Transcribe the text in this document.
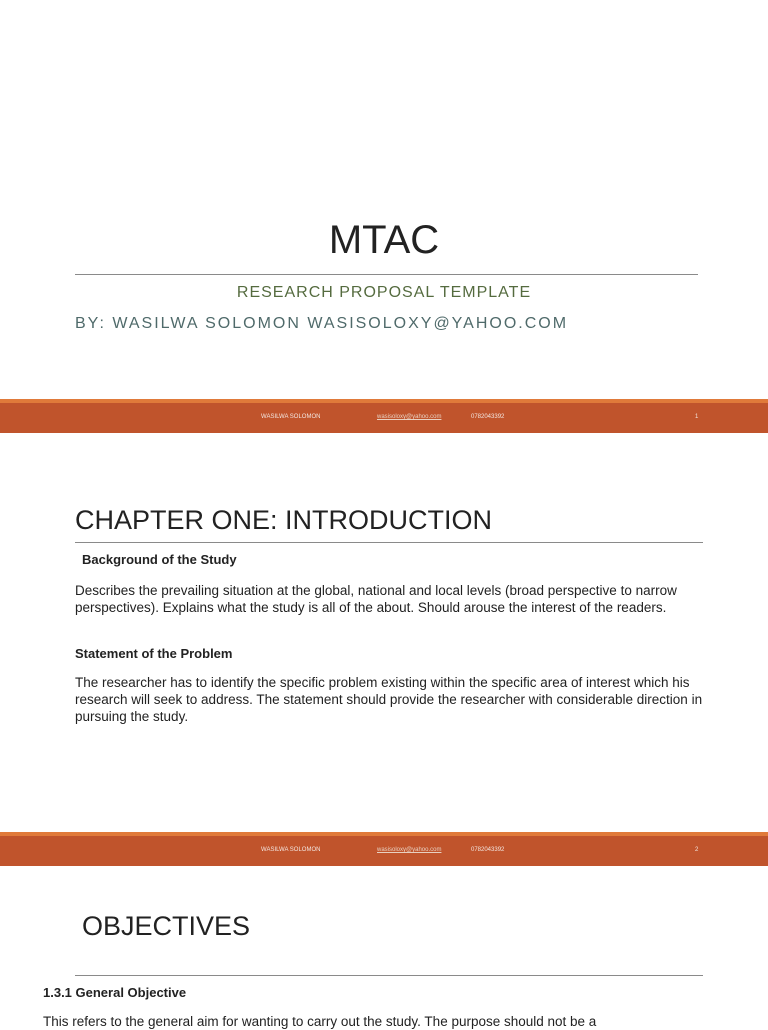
MTAC
RESEARCH PROPOSAL TEMPLATE
BY: WASILWA SOLOMON WASISOLOXY@YAHOO.COM
WASILWA SOLOMON	wasisoloxy@yahoo.com	0782043392	1
CHAPTER ONE: INTRODUCTION
Background of the Study
Describes the prevailing situation at the global, national and local levels (broad perspective to narrow perspectives). Explains what the study is all of the about. Should arouse the interest of the readers.
Statement of the Problem
The researcher has to identify the specific problem existing within the specific area of interest which his research will seek to address. The statement should provide the researcher with considerable direction in pursuing the study.
WASILWA SOLOMON	wasisoloxy@yahoo.com	0782043392	2
OBJECTIVES
1.3.1 General Objective
This refers to the general aim for wanting to carry out the study. The purpose should not be a
